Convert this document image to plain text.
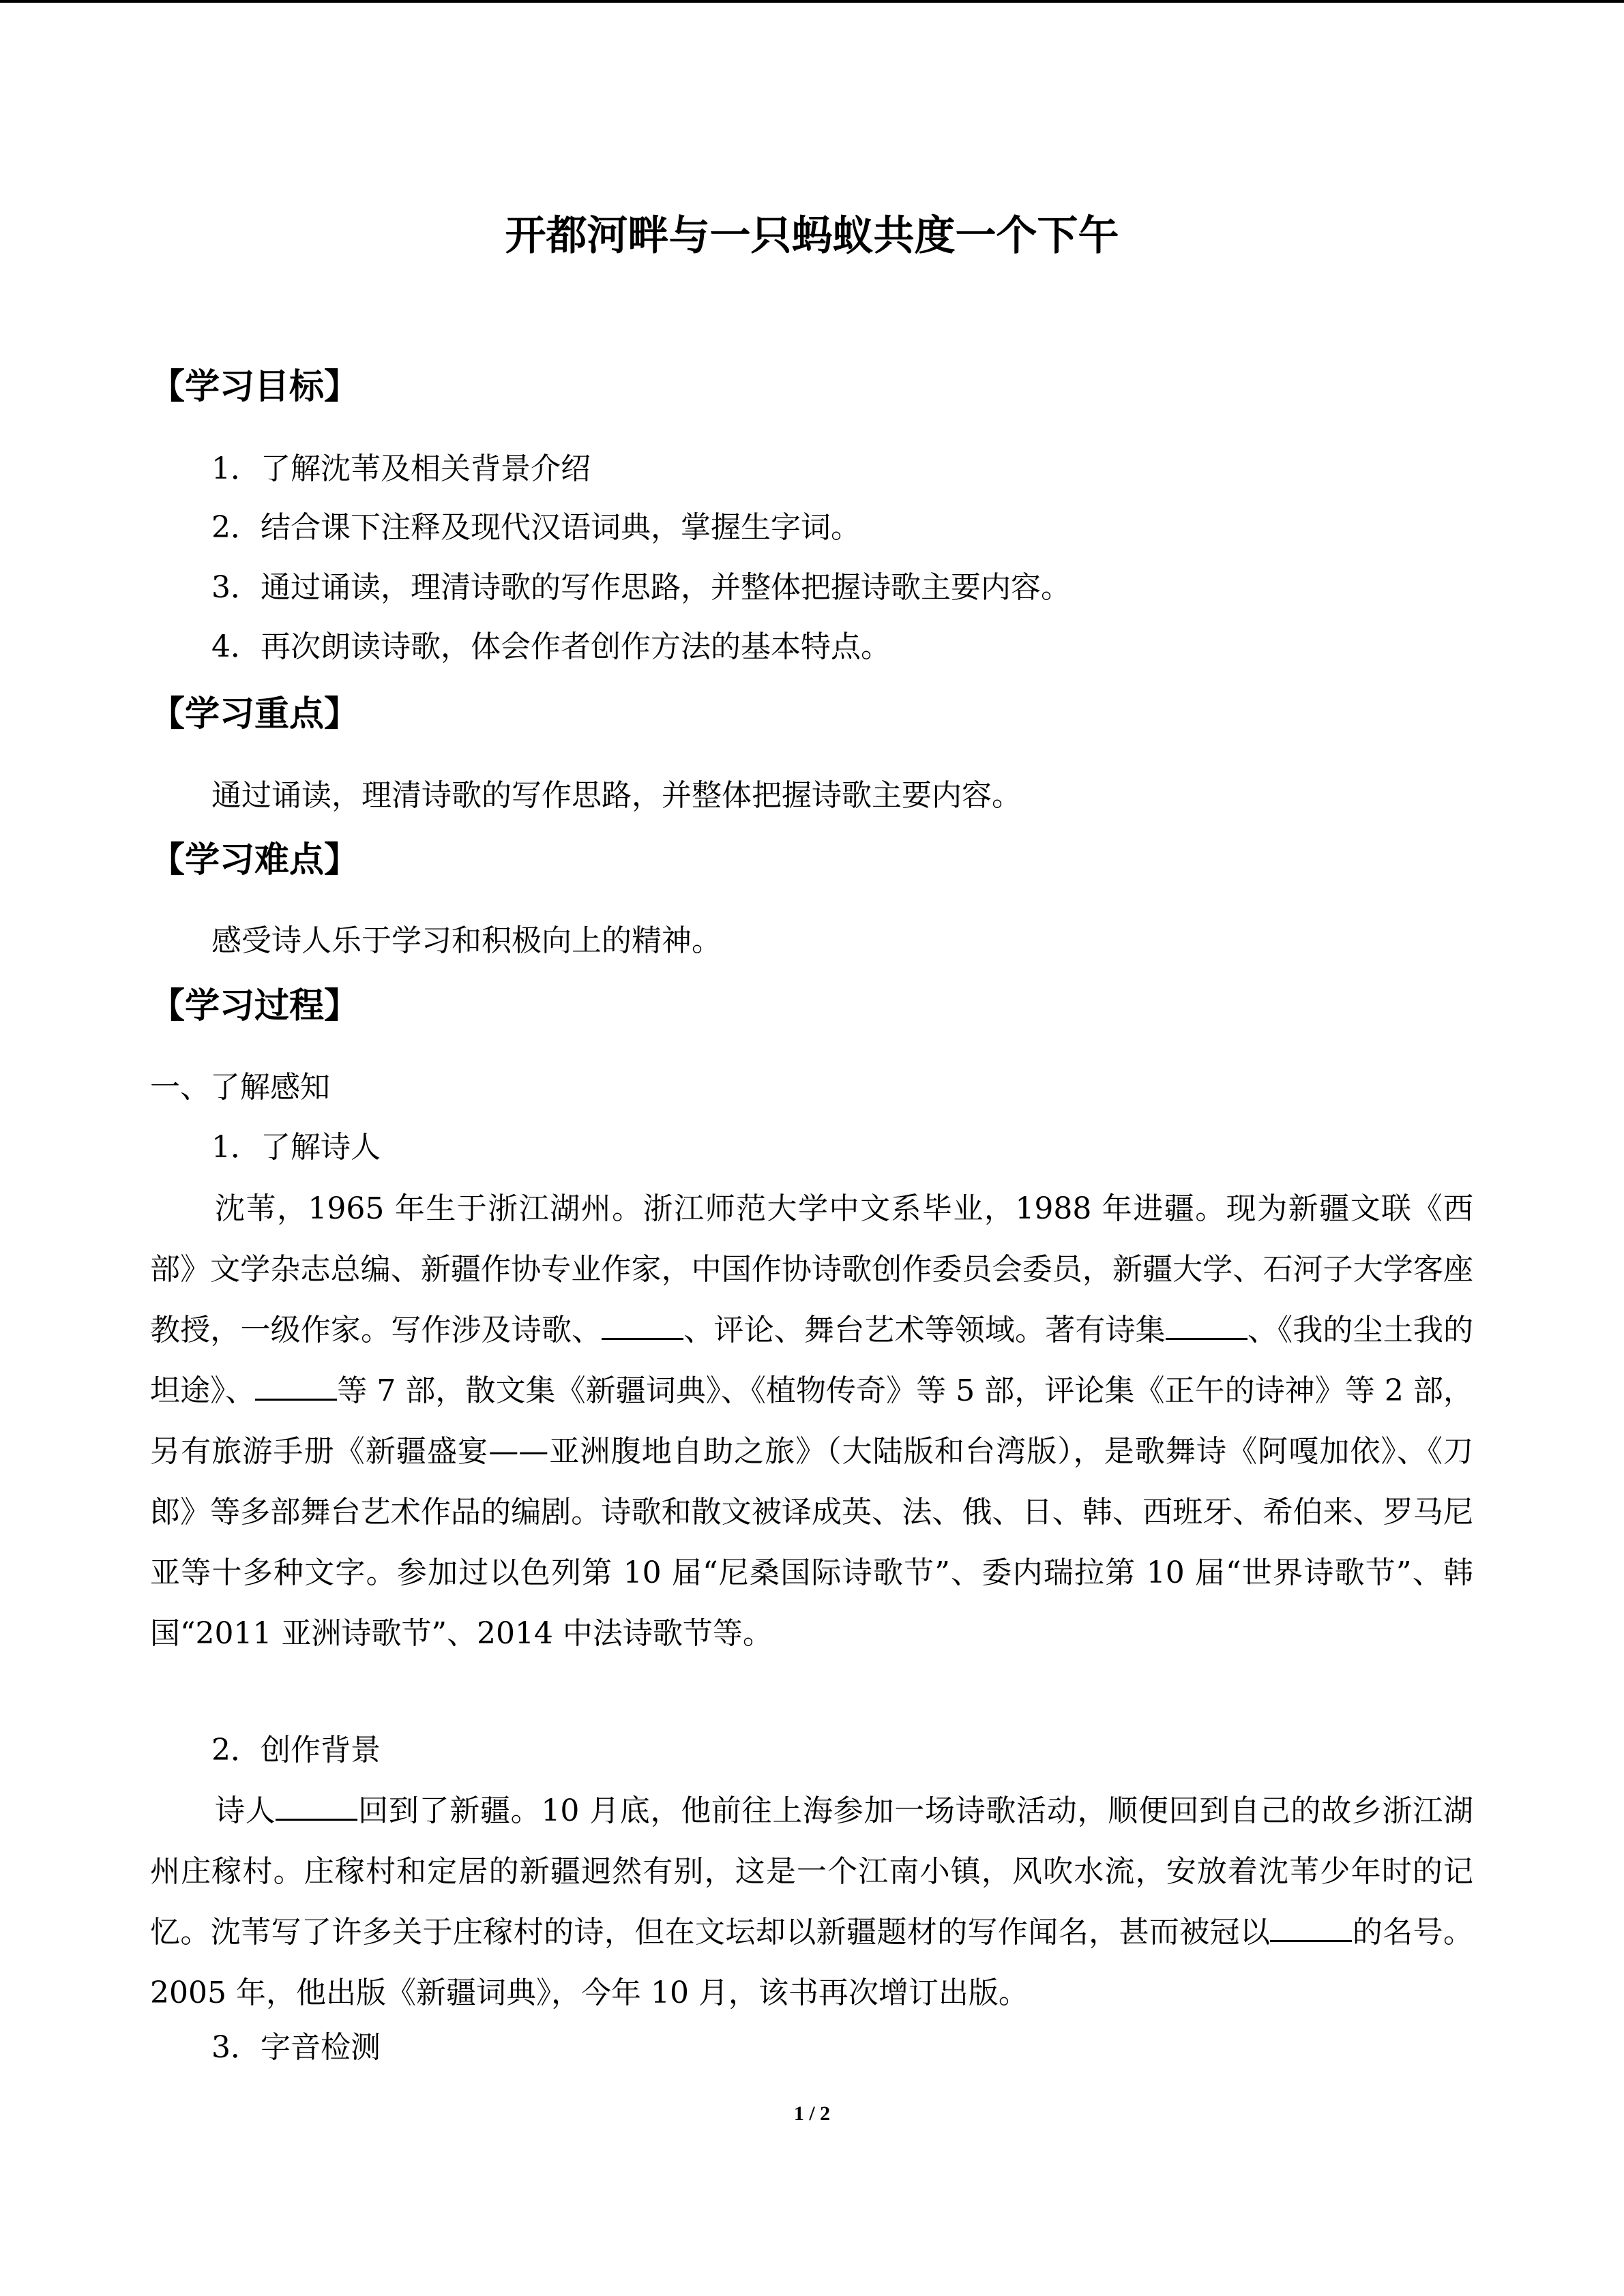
开都河畔与一只蚂蚁共度一个下午
【学习目标】
1．了解沈苇及相关背景介绍
2．结合课下注释及现代汉语词典，掌握生字词。
3．通过诵读，理清诗歌的写作思路，并整体把握诗歌主要内容。
4．再次朗读诗歌，体会作者创作方法的基本特点。
【学习重点】
通过诵读，理清诗歌的写作思路，并整体把握诗歌主要内容。
【学习难点】
感受诗人乐于学习和积极向上的精神。
【学习过程】
一、了解感知
1．了解诗人
沈苇，1965 年生于浙江湖州。浙江师范大学中文系毕业，1988 年进疆。现为新疆文联《西部》文学杂志总编、新疆作协专业作家，中国作协诗歌创作委员会委员，新疆大学、石河子大学客座教授，一级作家。写作涉及诗歌、	、评论、舞台艺术等领域。著有诗集	、《我的尘土我的坦途》、	等 7 部，散文集《新疆词典》、《植物传奇》等 5 部，评论集《正午的诗神》等 2 部，另有旅游手册《新疆盛宴——亚洲腹地自助之旅》（大陆版和台湾版），是歌舞诗《阿嘎加依》、《刀郎》等多部舞台艺术作品的编剧。诗歌和散文被译成英、法、俄、日、韩、西班牙、希伯来、罗马尼亚等十多种文字。参加过以色列第 10 届“尼桑国际诗歌节”、委内瑞拉第 10 届“世界诗歌节”、韩国“2011 亚洲诗歌节”、2014 中法诗歌节等。
2．创作背景
诗人	回到了新疆。10 月底，他前往上海参加一场诗歌活动，顺便回到自己的故乡浙江湖州庄稼村。庄稼村和定居的新疆迥然有别，这是一个江南小镇，风吹水流，安放着沈苇少年时的记忆。沈苇写了许多关于庄稼村的诗，但在文坛却以新疆题材的写作闻名，甚而被冠以	的名号。2005 年，他出版《新疆词典》，今年 10 月，该书再次增订出版。
3．字音检测
1 / 2
